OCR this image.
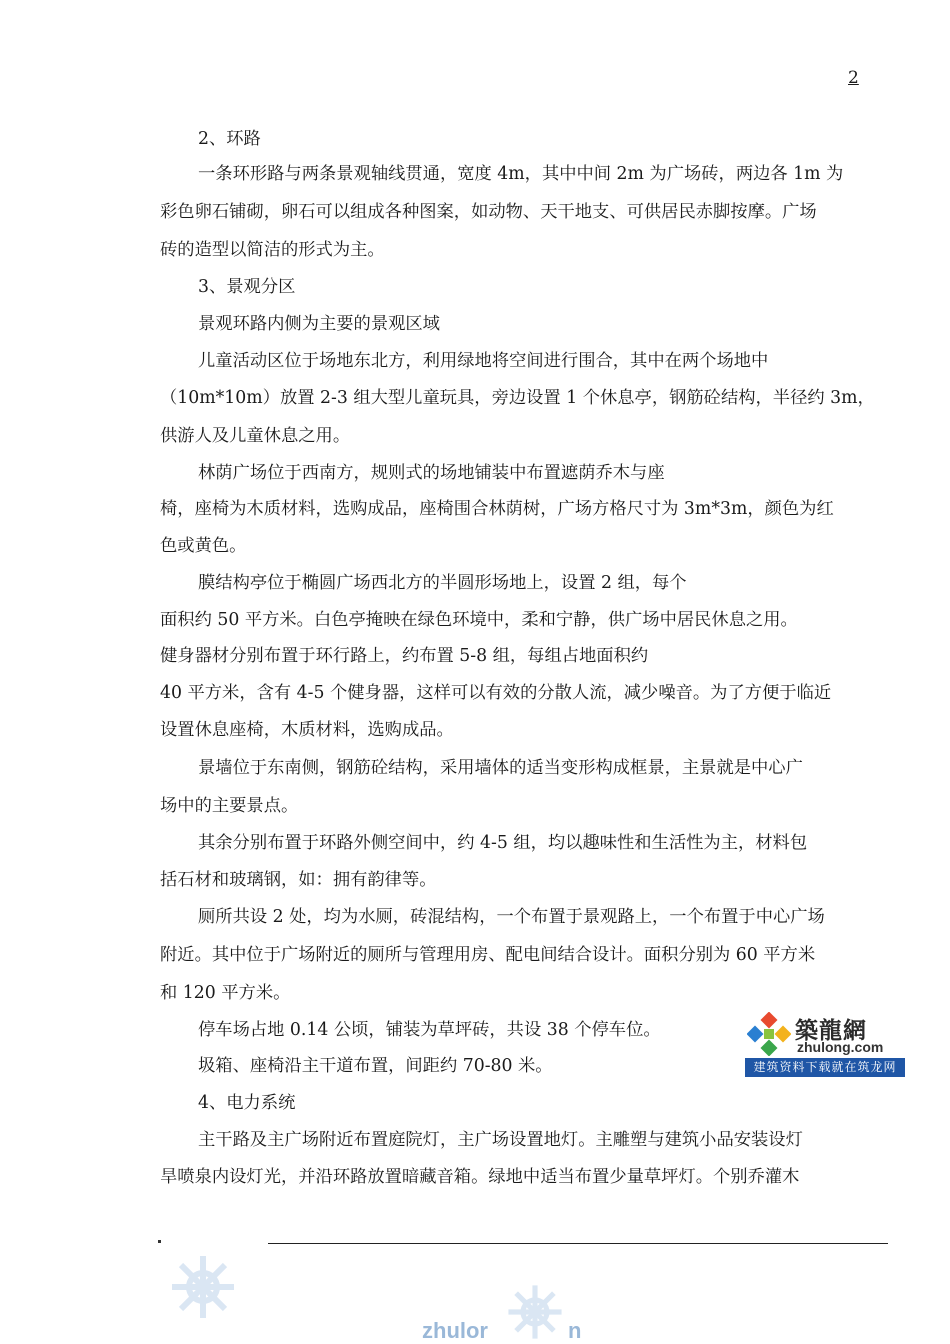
2
2、环路
一条环形路与两条景观轴线贯通，宽度 4m，其中中间 2m 为广场砖，两边各 1m 为
彩色卵石铺砌，卵石可以组成各种图案，如动物、天干地支、可供居民赤脚按摩。广场
砖的造型以简洁的形式为主。
3、景观分区
景观环路内侧为主要的景观区域
儿童活动区位于场地东北方，利用绿地将空间进行围合，其中在两个场地中
（10m*10m）放置 2-3 组大型儿童玩具，旁边设置 1 个休息亭，钢筋砼结构，半径约 3m，
供游人及儿童休息之用。
林荫广场位于西南方，规则式的场地铺装中布置遮荫乔木与座
椅，座椅为木质材料，选购成品，座椅围合林荫树，广场方格尺寸为 3m*3m，颜色为红
色或黄色。
膜结构亭位于椭圆广场西北方的半圆形场地上，设置 2 组，每个
面积约 50 平方米。白色亭掩映在绿色环境中，柔和宁静，供广场中居民休息之用。
健身器材分别布置于环行路上，约布置 5-8 组，每组占地面积约
40 平方米，含有 4-5 个健身器，这样可以有效的分散人流，减少噪音。为了方便于临近
设置休息座椅，木质材料，选购成品。
景墙位于东南侧，钢筋砼结构，采用墙体的适当变形构成框景，主景就是中心广
场中的主要景点。
其余分别布置于环路外侧空间中，约 4-5 组，均以趣味性和生活性为主，材料包
括石材和玻璃钢，如：拥有韵律等。
厕所共设 2 处，均为水厕，砖混结构，一个布置于景观路上，一个布置于中心广场
附近。其中位于广场附近的厕所与管理用房、配电间结合设计。面积分别为 60 平方米
和 120 平方米。
停车场占地 0.14 公顷，铺装为草坪砖，共设 38 个停车位。
圾箱、座椅沿主干道布置，间距约 70-80 米。
4、电力系统
主干路及主广场附近布置庭院灯，主广场设置地灯。主雕塑与建筑小品安装设灯
旱喷泉内设灯光，并沿环路放置暗藏音箱。绿地中适当布置少量草坪灯。个别乔灌木
築龍網
zhulong.com
建筑资料下载就在筑龙网
zhulor	n
